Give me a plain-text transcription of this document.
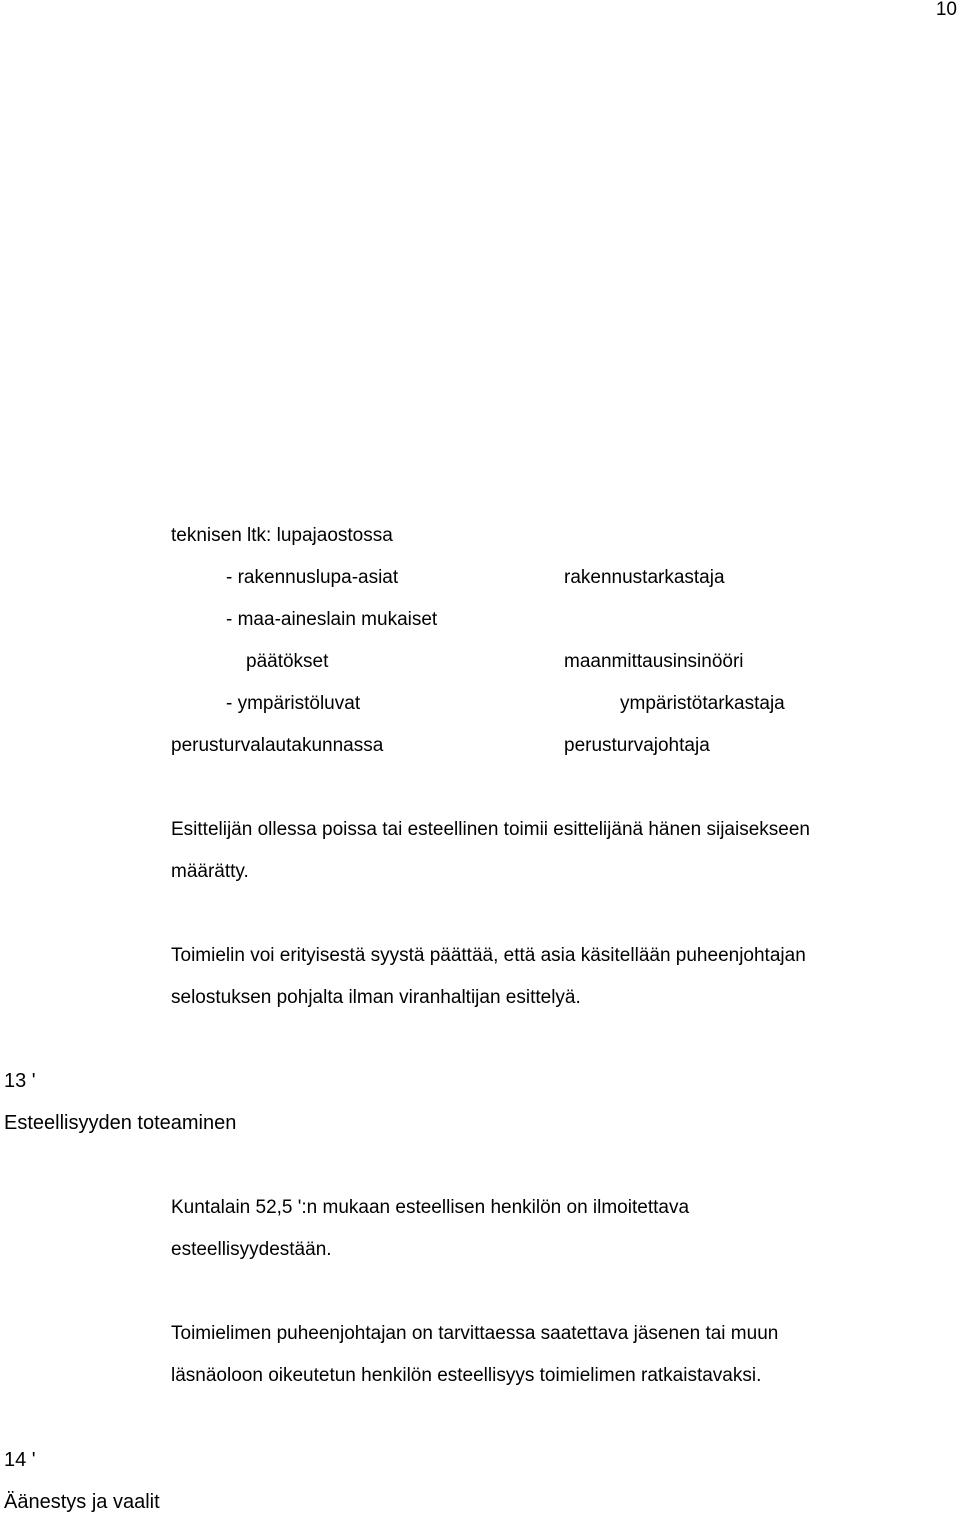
10
teknisen ltk: lupajaostossa
- rakennuslupa-asiat	rakennustarkastaja
- maa-aineslain mukaiset
päätökset	maanmittausinsinööri
- ympäristöluvat	ympäristötarkastaja
perusturvalautakunnassa	perusturvajohtaja
Esittelijän ollessa poissa tai esteellinen toimii esittelijänä hänen sijaisekseen
määrätty.
Toimielin voi erityisestä syystä päättää, että asia käsitellään puheenjohtajan
selostuksen pohjalta ilman viranhaltijan esittelyä.
13 '
Esteellisyyden toteaminen
Kuntalain 52,5 ':n mukaan esteellisen henkilön on ilmoitettava
esteellisyydestään.
Toimielimen puheenjohtajan on tarvittaessa saatettava jäsenen tai muun
läsnäoloon oikeutetun henkilön esteellisyys toimielimen ratkaistavaksi.
14 '
Äänestys ja vaalit
